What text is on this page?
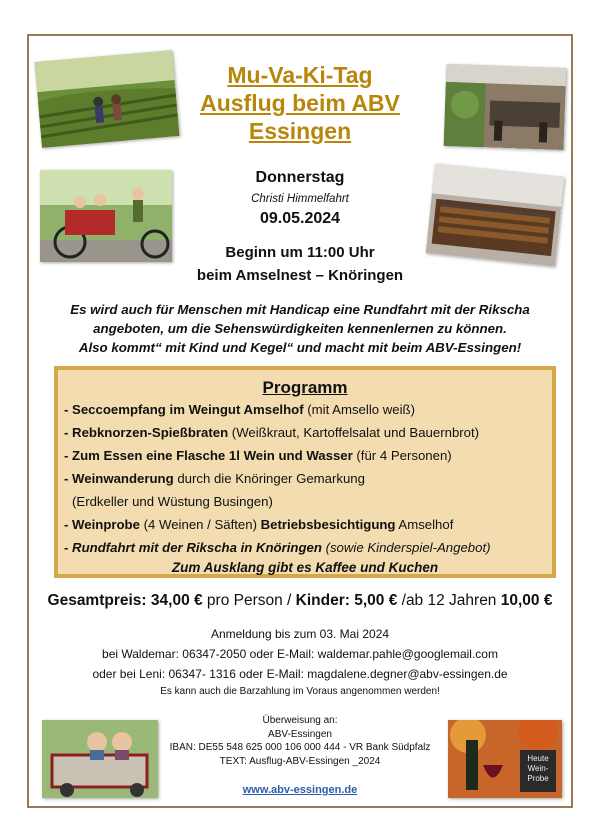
Heute
Wein-
Probe
Mu-Va-Ki-Tag
Ausflug beim ABV
Essingen
Donnerstag
Christi Himmelfahrt
09.05.2024
Beginn um 11:00 Uhr
beim Amselnest – Knöringen
Es wird auch für Menschen mit Handicap eine Rundfahrt mit der Rikscha
angeboten, um die Sehenswürdigkeiten kennenlernen zu können.
Also kommt“ mit Kind und Kegel“ und macht mit beim ABV-Essingen!
Programm
- Seccoempfang im Weingut Amselhof (mit Amsello weiß)
- Rebknorzen-Spießbraten (Weißkraut, Kartoffelsalat und Bauernbrot)
- Zum Essen eine Flasche 1l Wein und Wasser (für 4 Personen)
- Weinwanderung durch die Knöringer Gemarkung
(Erdkeller und Wüstung Busingen)
- Weinprobe (4 Weinen / Säften) Betriebsbesichtigung Amselhof
- Rundfahrt mit der Rikscha in Knöringen (sowie Kinderspiel-Angebot)
Zum Ausklang gibt es Kaffee und Kuchen
Gesamtpreis: 34,00 € pro Person / Kinder: 5,00 € /ab 12 Jahren 10,00 €
Anmeldung bis zum 03. Mai 2024
bei Waldemar: 06347-2050 oder E-Mail: waldemar.pahle@googlemail.com
oder bei Leni: 06347- 1316 oder E-Mail: magdalene.degner@abv-essingen.de
Es kann auch die Barzahlung im Voraus angenommen werden!
Überweisung an:
ABV-Essingen
IBAN: DE55 548 625 000 106 000 444 - VR Bank Südpfalz
TEXT: Ausflug-ABV-Essingen _2024
www.abv-essingen.de
